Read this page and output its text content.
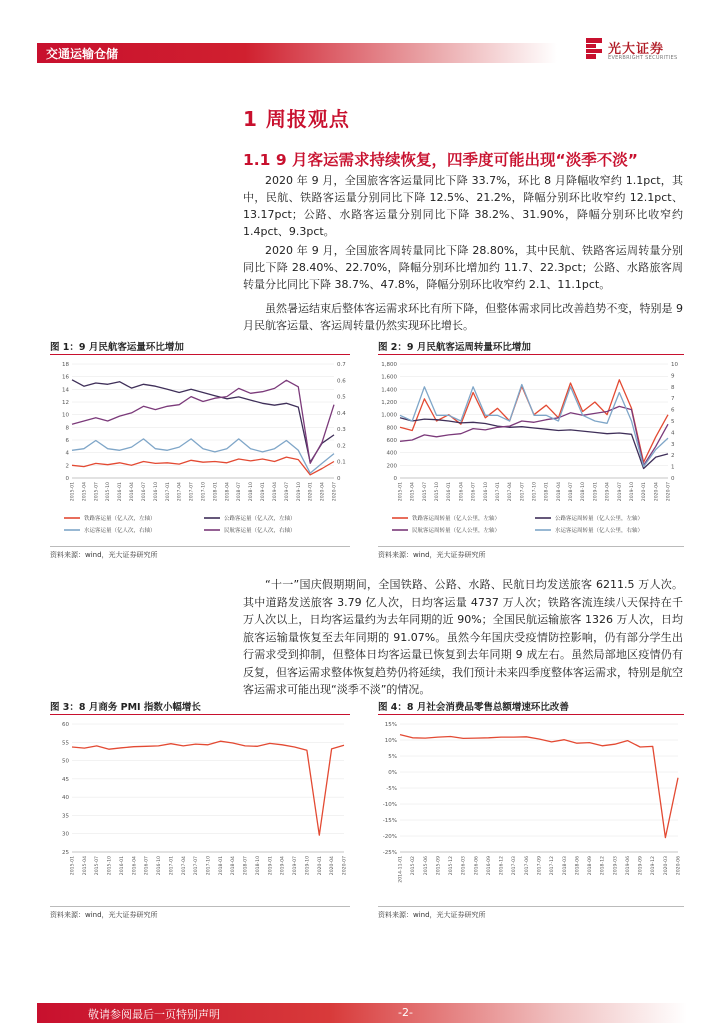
交通运输仓储	光大证券
EVERBRIGHT SECURITIES
1 周报观点
1.1 9 月客运需求持续恢复，四季度可能出现“淡季不淡”
2020 年 9 月，全国旅客客运量同比下降 33.7%，环比 8 月降幅收窄约 1.1pct，其中，民航、铁路客运量分别同比下降 12.5%、21.2%，降幅分别环比收窄约 12.1pct、13.17pct；公路、水路客运量分别同比下降 38.2%、31.90%，降幅分别环比收窄约 1.4pct、9.3pct。
2020 年 9 月，全国旅客周转量同比下降 28.80%，其中民航、铁路客运周转量分别同比下降 28.40%、22.70%，降幅分别环比增加约 11.7、22.3pct；公路、水路旅客周转量分比同比下降 38.7%、47.8%，降幅分别环比收窄约 2.1、11.1pct。
虽然暑运结束后整体客运需求环比有所下降，但整体需求同比改善趋势不变，特别是 9 月民航客运量、客运周转量仍然实现环比增长。
图 1：9 月民航客运量环比增加
0
2
4
6
8
10
12
14
16
18
0
0.1
0.2
0.3
0.4
0.5
0.6
0.7
2015-01 2015-04 2015-07 2015-10 2016-01 2016-04 2016-07 2016-10 2017-01 2017-04 2017-07 2017-10 2018-01 2018-04 2018-07 2018-10 2019-01 2019-04 2019-07 2019-10 2020-01 2020-04 2020-07
铁路客运量（亿人次，左轴）	公路客运量（亿人次，左轴）
水运客运量（亿人次，右轴）	民航客运量（亿人次，右轴）
资料来源：wind，光大证券研究所
图 2：9 月民航客运周转量环比增加
0
200
400
600
800
1,000
1,200
1,400
1,600
1,800
0
1
2
3
4
5
6
7
8
9
10
2015-01 2015-04 2015-07 2015-10 2016-01 2016-04 2016-07 2016-10 2017-01 2017-04 2017-07 2017-10 2018-01 2018-04 2018-07 2018-10 2019-01 2019-04 2019-07 2019-10 2020-01 2020-04 2020-07
铁路客运周转量（亿人公里，左轴）	公路客运周转量（亿人公里，左轴）
民航客运周转量（亿人公里，左轴）	水运客运周转量（亿人公里，右轴）
资料来源：wind，光大证券研究所
“十一”国庆假期期间，全国铁路、公路、水路、民航日均发送旅客 6211.5 万人次。其中道路发送旅客 3.79 亿人次，日均客运量 4737 万人次；铁路客流连续八天保持在千万人次以上，日均客运量约为去年同期的近 90%；全国民航运输旅客 1326 万人次，日均旅客运输量恢复至去年同期的 91.07%。虽然今年国庆受疫情防控影响，仍有部分学生出行需求受到抑制，但整体日均客运量已恢复到去年同期 9 成左右。虽然局部地区疫情仍有反复，但客运需求整体恢复趋势仍将延续，我们预计未来四季度整体客运需求，特别是航空客运需求可能出现“淡季不淡”的情况。
图 3：8 月商务 PMI 指数小幅增长
25
30
35
40
45
50
55
60
2015-01 2015-04 2015-07 2015-10 2016-01 2016-04 2016-07 2016-10 2017-01 2017-04 2017-07 2017-10 2018-01 2018-04 2018-07 2018-10 2019-01 2019-04 2019-07 2019-10 2020-01 2020-04 2020-07
资料来源：wind，光大证券研究所
图 4：8 月社会消费品零售总额增速环比改善
-25%
-20%
-15%
-10%
-5%
0%
5%
10%
15%
2014-11-01 2015-02 2015-06 2015-09 2015-12 2016-03 2016-06 2016-09 2016-12 2017-03 2017-06 2017-09 2017-12 2018-03 2018-06 2018-09 2018-12 2019-03 2019-06 2019-09 2019-12 2020-03 2020-06
资料来源：wind，光大证券研究所
敬请参阅最后一页特别声明	-2-
